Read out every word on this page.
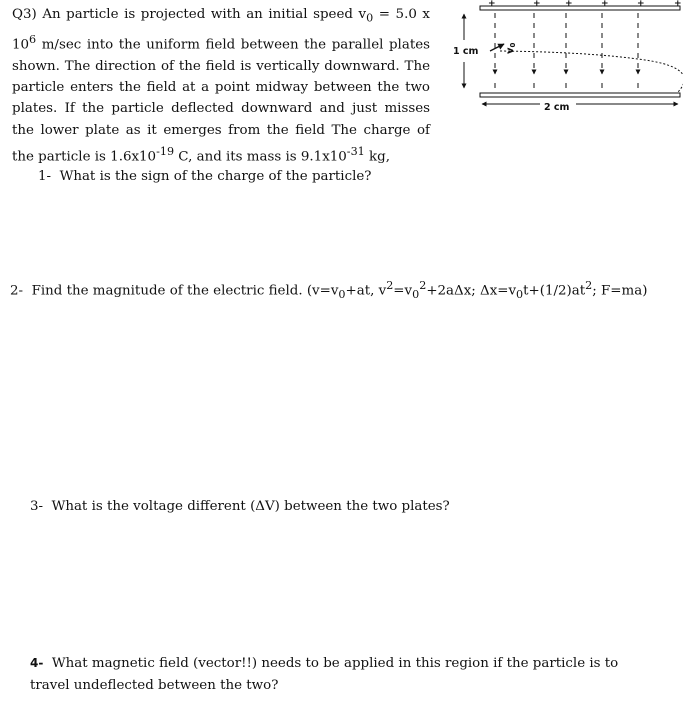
Q3) An particle is projected with an initial speed $v_0 = 5.0$ x $10^6$ m/sec into the uniform field between the parallel plates shown. The direction of the field is vertically downward. The particle enters the field at a point midway between the two plates. If the particle deflected downward and just misses the lower plate as it emerges from the field The charge of the particle is $1.6x10^{-19}$ C, and its mass is $9.1x10^{-31}$ kg,

+	+	+	+	+	+
1 cm	$v_0$
2 cm

1- What is the sign of the charge of the particle?

2- Find the magnitude of the electric field. ($v=v_0+at$, $v^2=v_0^2+2a\Delta x$; $\Delta x=v_0t+(1/2)at^2$; F=ma)

3- What is the voltage different (ΔV) between the two plates?

4- What magnetic field (vector!!) needs to be applied in this region if the particle is to travel undeflected between the two?
